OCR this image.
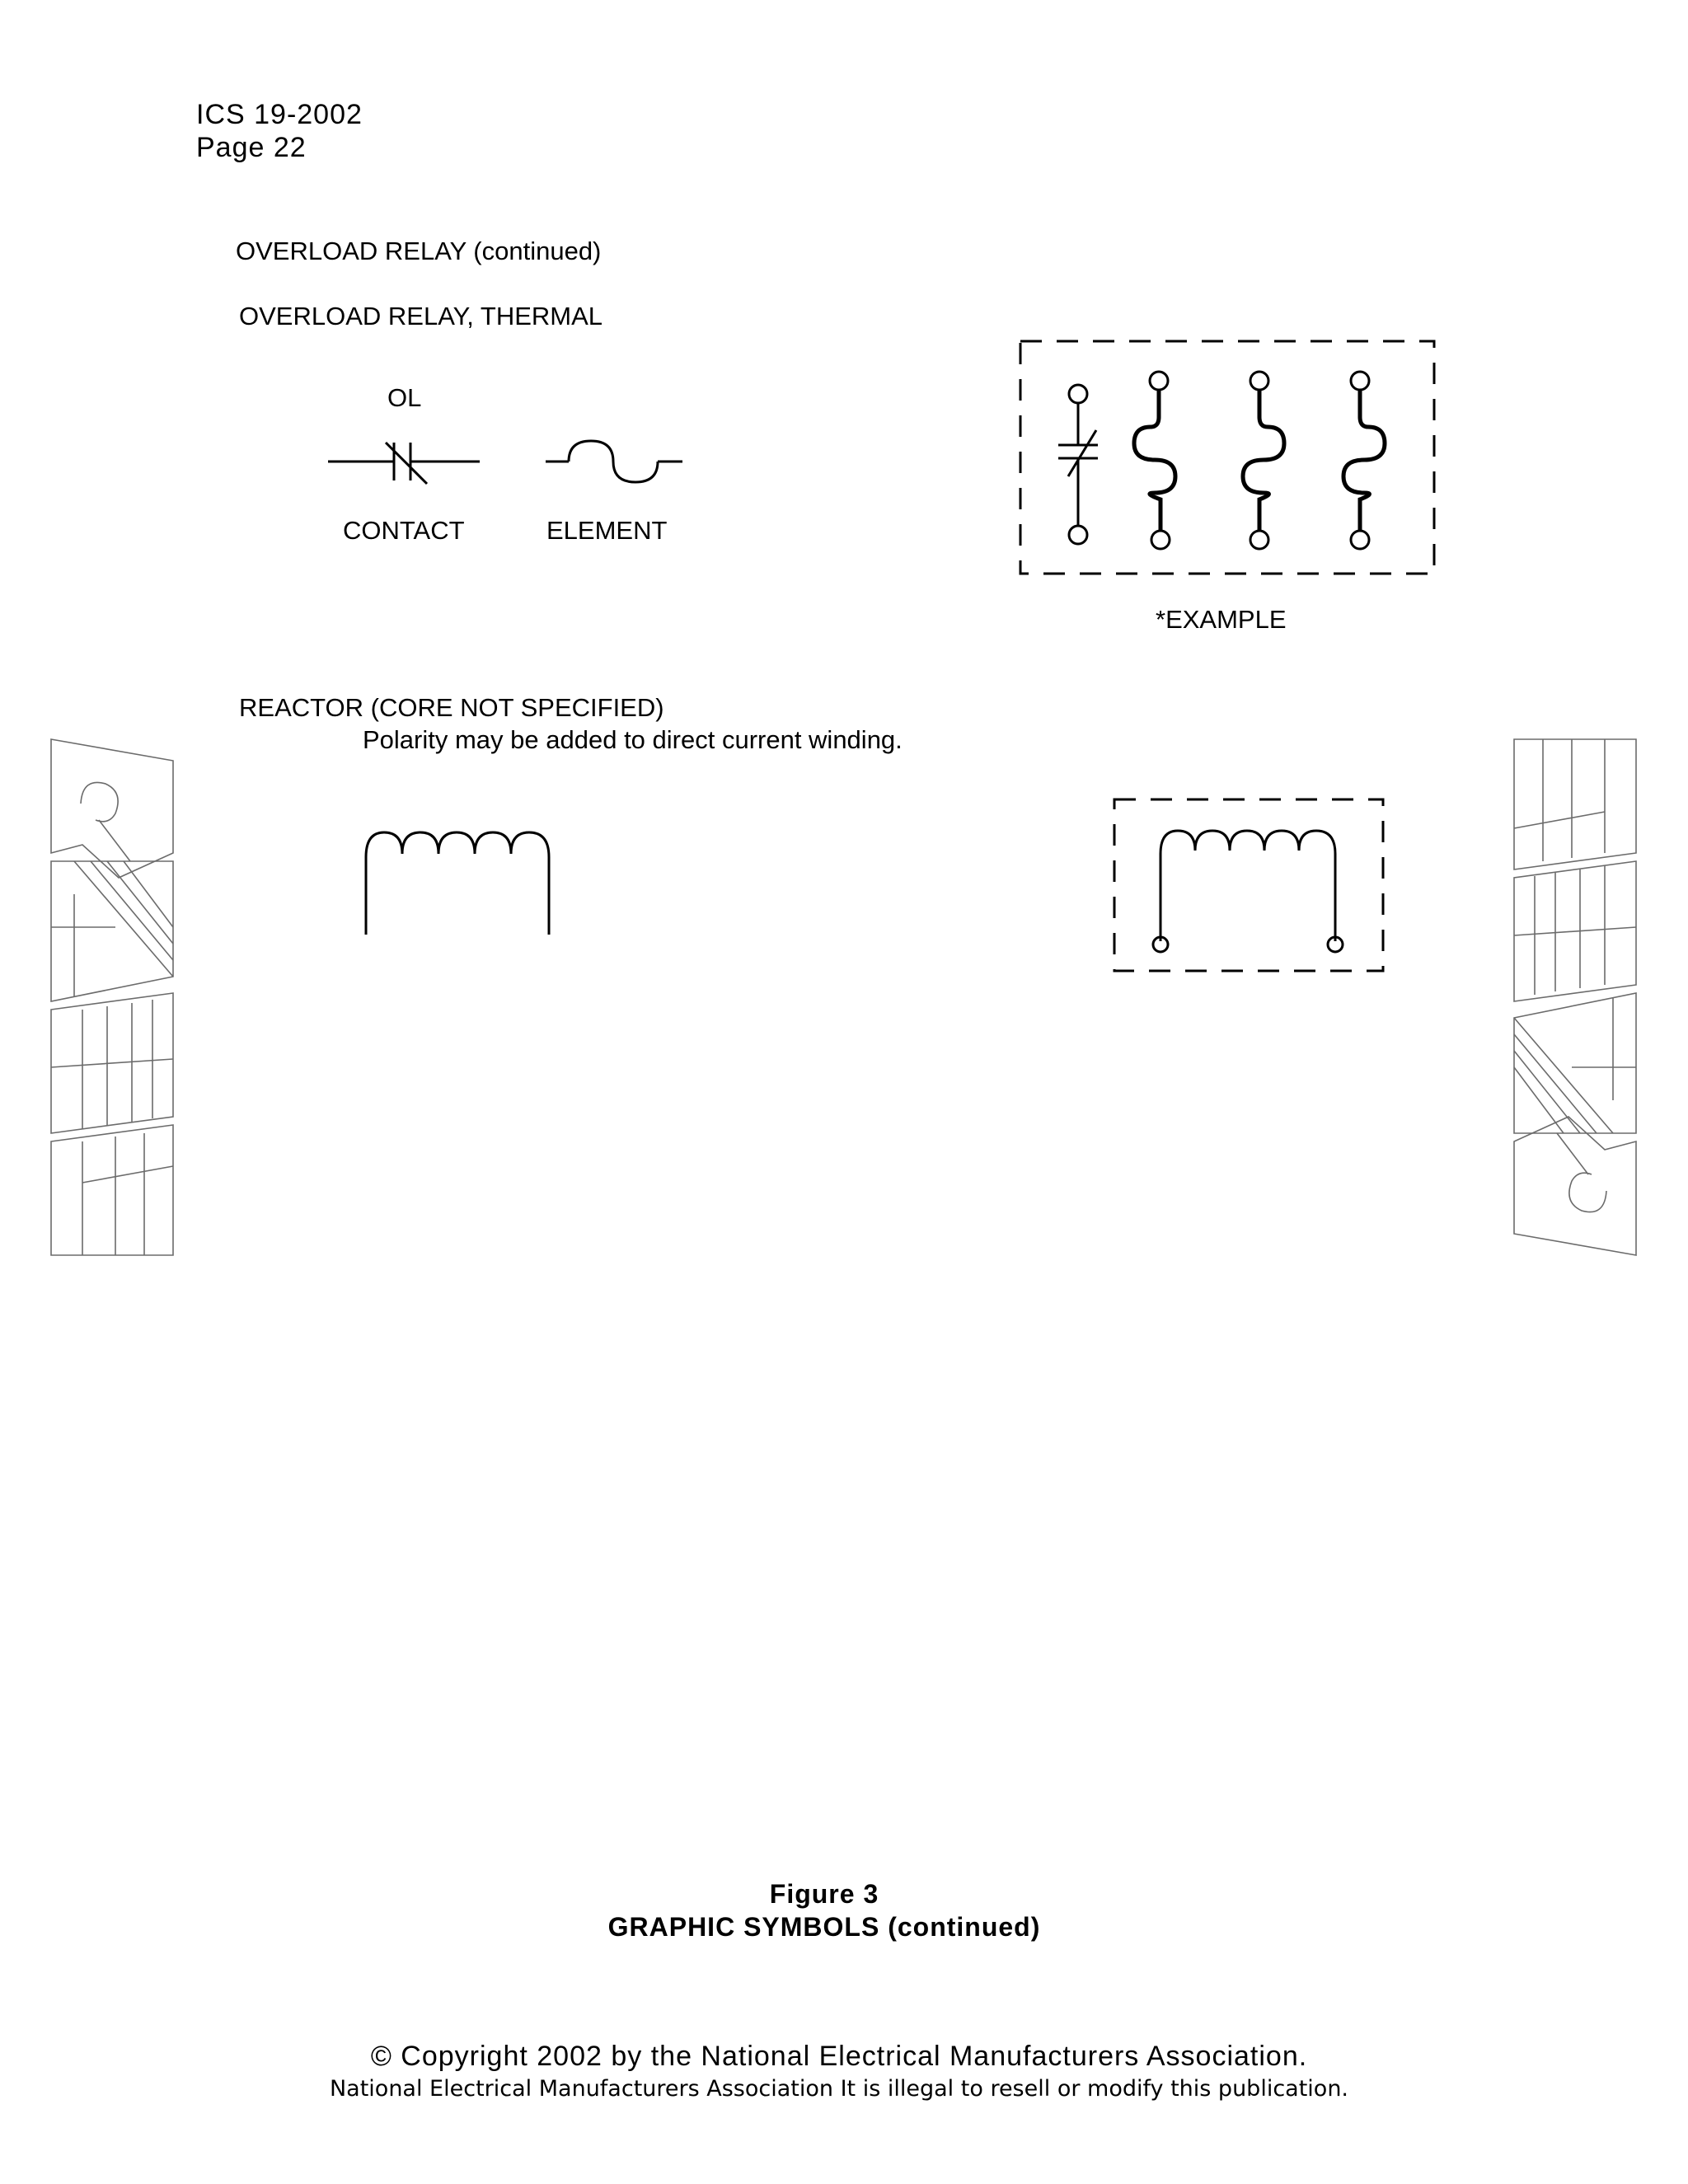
ICS 19-2002
Page 22
OVERLOAD RELAY (continued)
OVERLOAD RELAY, THERMAL
OL
CONTACT	ELEMENT
*EXAMPLE
REACTOR (CORE NOT SPECIFIED)
Polarity may be added to direct current winding.
Figure 3
GRAPHIC SYMBOLS (continued)
© Copyright 2002 by the National Electrical Manufacturers Association.
National Electrical Manufacturers Association It is illegal to resell or modify this publication.
